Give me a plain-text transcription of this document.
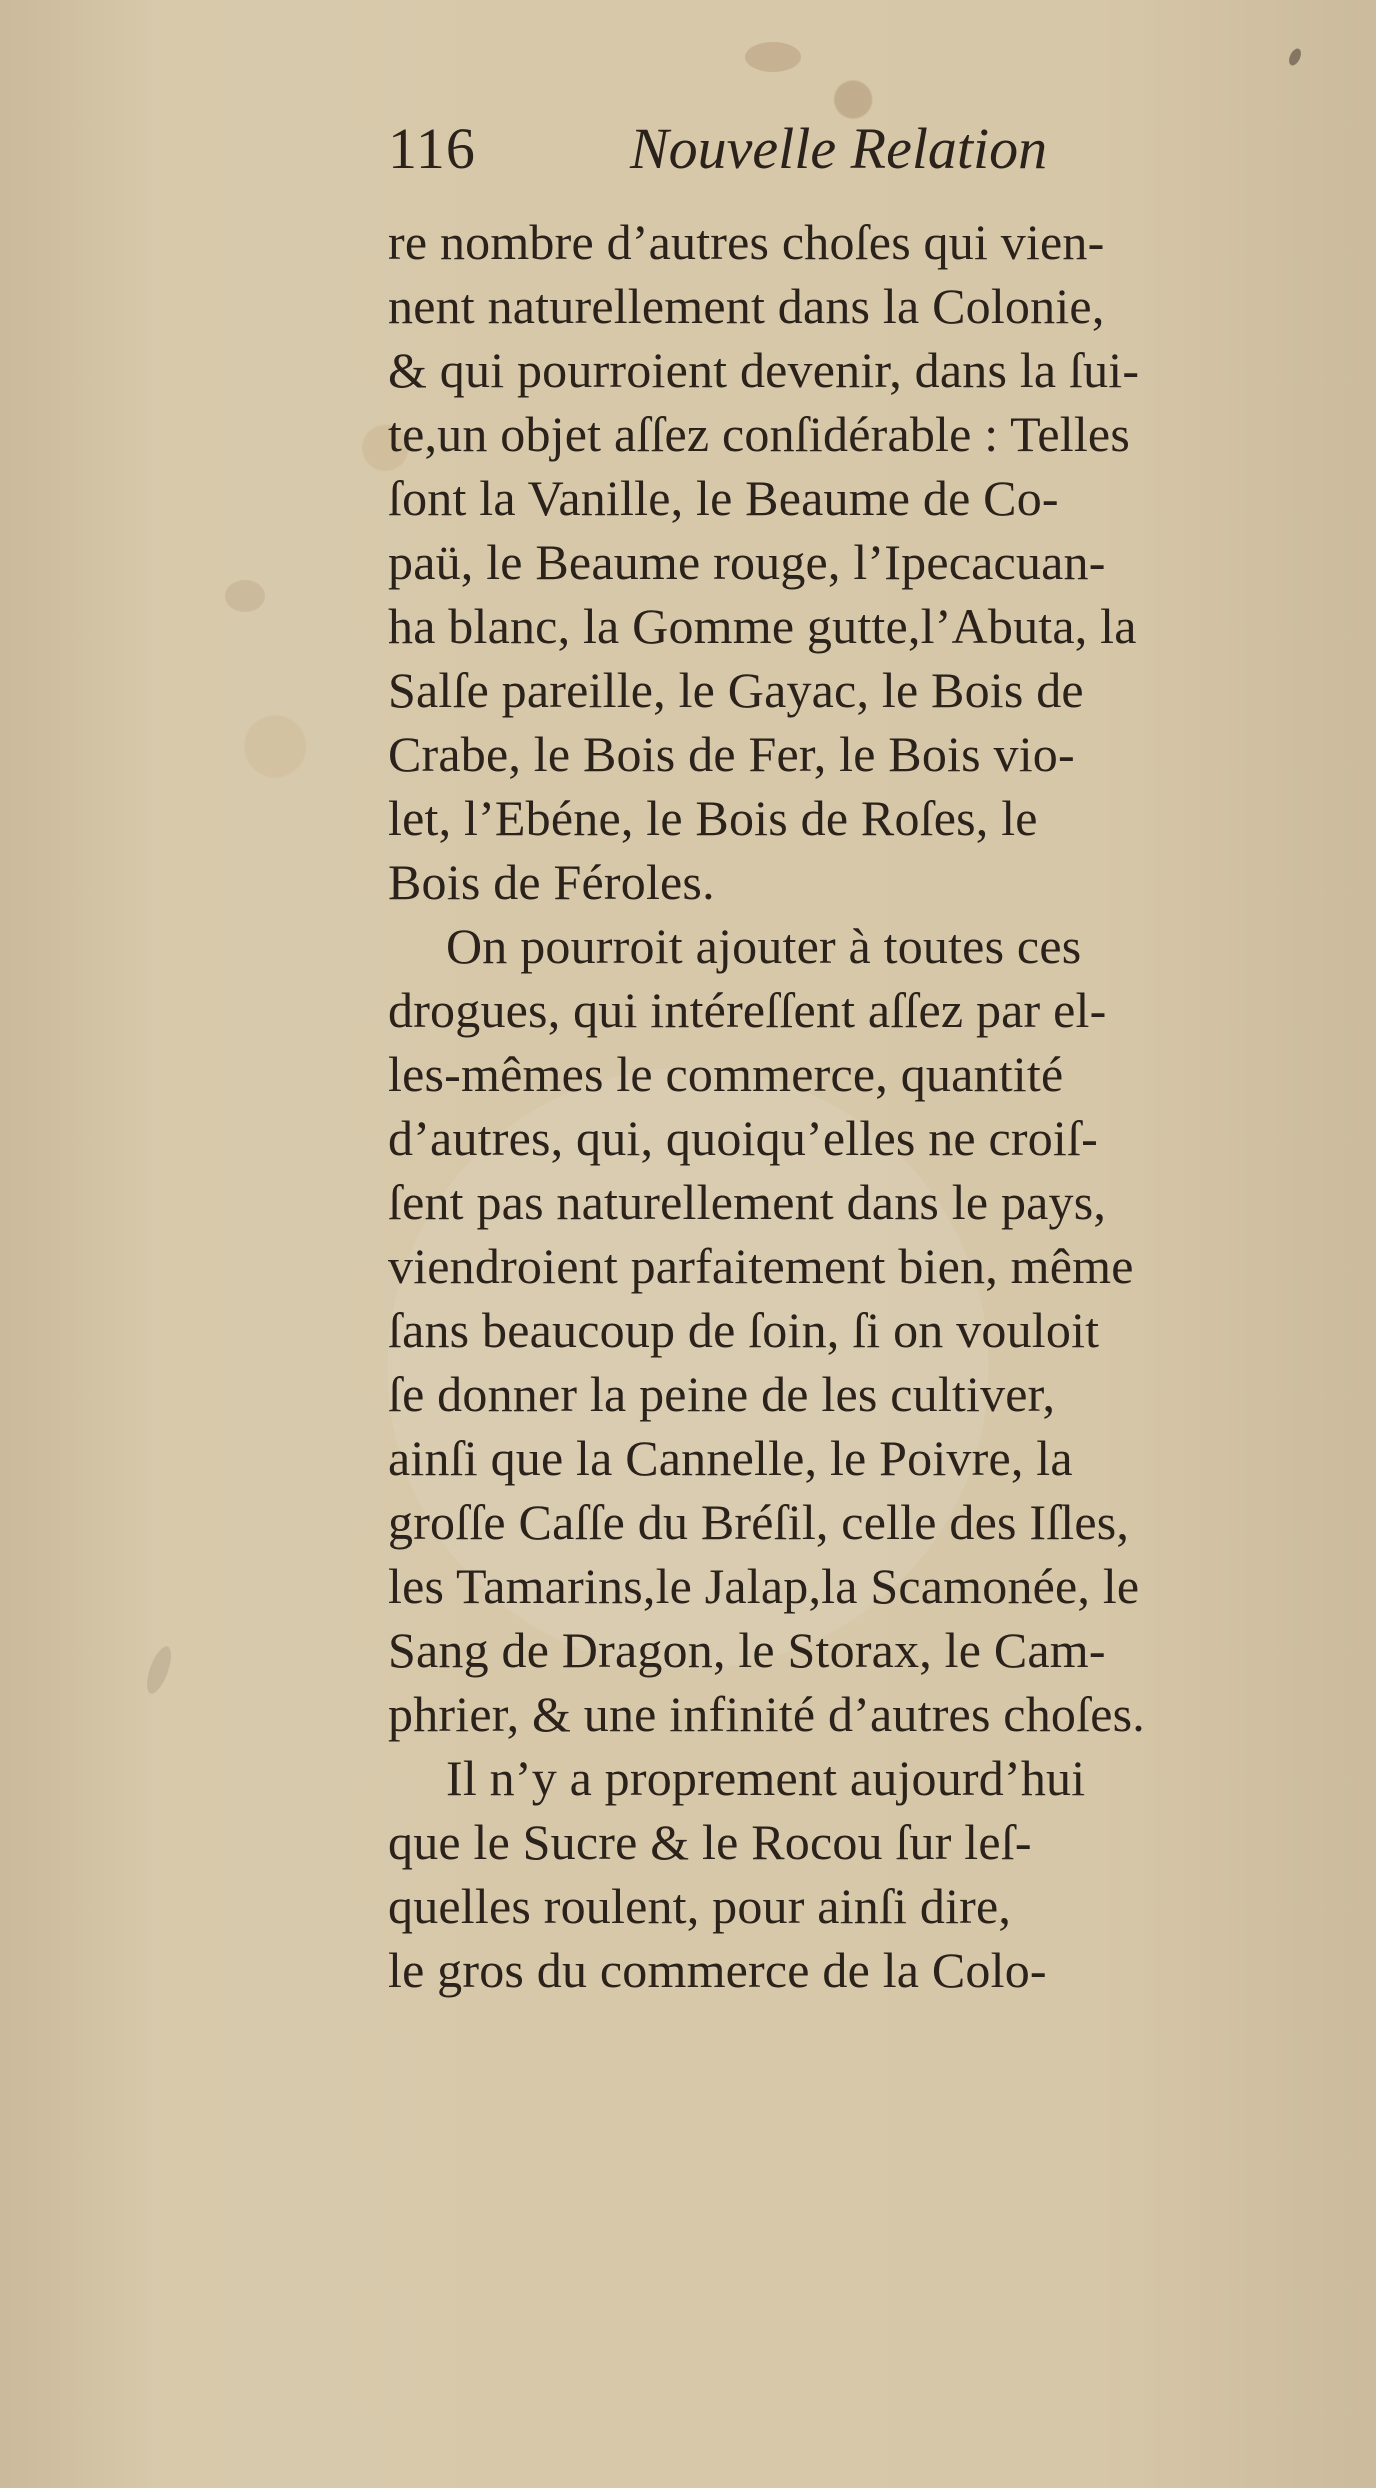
116	Nouvelle Relation
re nombre d’autres choſes qui vien-
nent naturellement dans la Colonie,
& qui pourroient devenir, dans la ſui-
te,un objet aſſez conſidérable : Telles
ſont la Vanille, le Beaume de Co-
paü, le Beaume rouge, l’Ipecacuan-
ha blanc, la Gomme gutte,l’Abuta, la
Salſe pareille, le Gayac, le Bois de
Crabe, le Bois de Fer, le Bois vio-
let, l’Ebéne, le Bois de Roſes, le
Bois de Féroles.
On pourroit ajouter à toutes ces
drogues, qui intéreſſent aſſez par el-
les-mêmes le commerce, quantité
d’autres, qui, quoiqu’elles ne croiſ-
ſent pas naturellement dans le pays,
viendroient parfaitement bien, même
ſans beaucoup de ſoin, ſi on vouloit
ſe donner la peine de les cultiver,
ainſi que la Cannelle, le Poivre, la
groſſe Caſſe du Bréſil, celle des Iſles,
les Tamarins,le Jalap,la Scamonée, le
Sang de Dragon, le Storax, le Cam-
phrier, & une infinité d’autres choſes.
Il n’y a proprement aujourd’hui
que le Sucre & le Rocou ſur leſ-
quelles roulent, pour ainſi dire,
le gros du commerce de la Colo-
